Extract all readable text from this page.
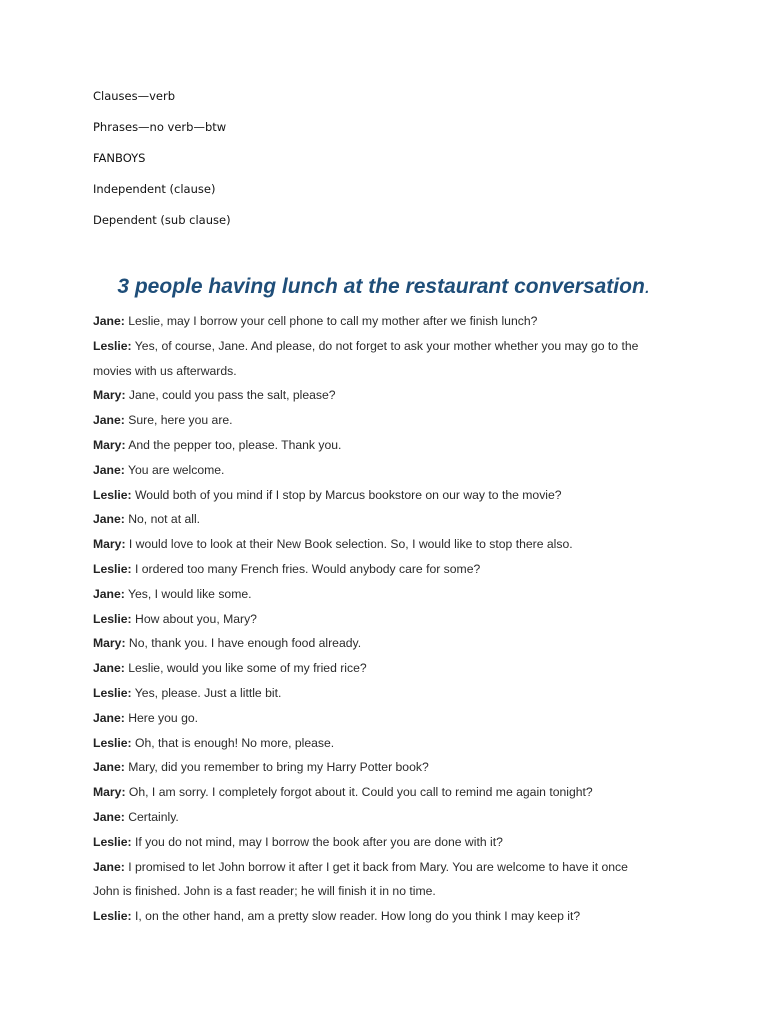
Clauses—verb
Phrases—no verb—btw
FANBOYS
Independent (clause)
Dependent (sub clause)
3 people having lunch at the restaurant conversation.
Jane: Leslie, may I borrow your cell phone to call my mother after we finish lunch?
Leslie: Yes, of course, Jane. And please, do not forget to ask your mother whether you may go to the
movies with us afterwards.
Mary: Jane, could you pass the salt, please?
Jane: Sure, here you are.
Mary: And the pepper too, please. Thank you.
Jane: You are welcome.
Leslie: Would both of you mind if I stop by Marcus bookstore on our way to the movie?
Jane: No, not at all.
Mary: I would love to look at their New Book selection. So, I would like to stop there also.
Leslie: I ordered too many French fries. Would anybody care for some?
Jane: Yes, I would like some.
Leslie: How about you, Mary?
Mary: No, thank you. I have enough food already.
Jane: Leslie, would you like some of my fried rice?
Leslie: Yes, please. Just a little bit.
Jane: Here you go.
Leslie: Oh, that is enough! No more, please.
Jane: Mary, did you remember to bring my Harry Potter book?
Mary: Oh, I am sorry. I completely forgot about it. Could you call to remind me again tonight?
Jane: Certainly.
Leslie: If you do not mind, may I borrow the book after you are done with it?
Jane: I promised to let John borrow it after I get it back from Mary. You are welcome to have it once
John is finished. John is a fast reader; he will finish it in no time.
Leslie: I, on the other hand, am a pretty slow reader. How long do you think I may keep it?
